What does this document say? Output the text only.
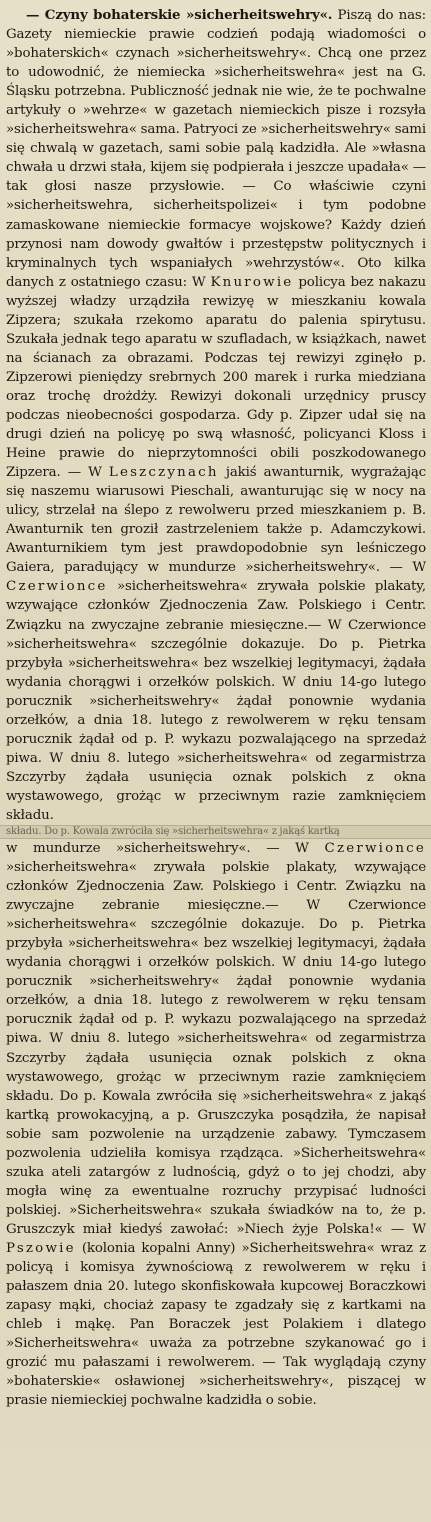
— Czyny bohaterskie »sicherheitswehry«. Piszą do nas: Gazety niemieckie prawie codzień podają wiadomości o »bohaterskich« czynach »sicherheitswehry«. Chcą one przez to udowodnić, że niemiecka »sicherheitswehra« jest na G. Śląsku potrzebna. Publiczność jednak nie wie, że te pochwalne artykuły o »wehrze« w gazetach niemieckich pisze i rozsyła »sicherheitswehra« sama. Patryoci ze »sicherheitswehry« sami się chwalą w gazetach, sami sobie palą kadzidła. Ale »własna chwała u drzwi stała, kijem się podpierała i jeszcze upadała« — tak głosi nasze przysłowie. — Co właściwie czyni »sicherheitswehra, sicherheitspolizei« i tym podobne zamaskowane niemieckie formacye wojskowe? Każdy dzień przynosi nam dowody gwałtów i przestępstw politycznych i kryminalnych tych wspaniałych »wehrzystów«. Oto kilka danych z ostatniego czasu: W Knurowie policya bez nakazu wyższej władzy urządziła rewizyę w mieszkaniu kowala Zipzera; szukała rzekomo aparatu do palenia spirytusu. Szukała jednak tego aparatu w szufladach, w książkach, nawet na ścianach za obrazami. Podczas tej rewizyi zginęło p. Zipzerowi pieniędzy srebrnych 200 marek i rurka miedziana oraz trochę drożdży. Rewizyi dokonali urzędnicy pruscy podczas nieobecności gospodarza. Gdy p. Zipzer udał się na drugi dzień na policyę po swą własność, policyanci Kloss i Heine prawie do nieprzytomności obili poszkodowanego Zipzera. — W Leszczynach jakiś awanturnik, wygrażając się naszemu wiarusowi Pieschali, awanturując się w nocy na ulicy, strzelał na ślepo z rewolweru przed mieszkaniem p. B. Awanturnik ten groził zastrzeleniem także p. Adamczykowi. Awanturnikiem tym jest prawdopodobnie syn leśniczego Gaiera, paradujący w mundurze »sicherheitswehry«. — W Czerwionce »sicherheitswehra« zrywała polskie plakaty, wzywające członków Zjednoczenia Zaw. Polskiego i Centr. Związku na zwyczajne zebranie miesięczne.— W Czerwionce »sicherheitswehra« szczególnie dokazuje. Do p. Pietrka przybyła »sicherheitswehra« bez wszelkiej legitymacyi, żądała wydania chorągwi i orzełków polskich. W dniu 14-go lutego porucznik »sicherheitswehry« żądał ponownie wydania orzełków, a dnia 18. lutego z rewolwerem w ręku tensam porucznik żądał od p. P. wykazu pozwalającego na sprzedaż piwa. W dniu 8. lutego »sicherheitswehra« od zegarmistrza Szczyrby żądała usunięcia oznak polskich z okna wystawowego, grożąc w przeciwnym razie zamknięciem składu.

składu. Do p. Kowala zwróciła się »sicherheitswehra« z jakąś kartką

w mundurze »sicherheitswehry«. — W Czerwionce »sicherheitswehra« zrywała polskie plakaty, wzywające członków Zjednoczenia Zaw. Polskiego i Centr. Związku na zwyczajne zebranie miesięczne.— W Czerwionce »sicherheitswehra« szczególnie dokazuje. Do p. Pietrka przybyła »sicherheitswehra« bez wszelkiej legitymacyi, żądała wydania chorągwi i orzełków polskich. W dniu 14-go lutego porucznik »sicherheitswehry« żądał ponownie wydania orzełków, a dnia 18. lutego z rewolwerem w ręku tensam porucznik żądał od p. P. wykazu pozwalającego na sprzedaż piwa. W dniu 8. lutego »sicherheitswehra« od zegarmistrza Szczyrby żądała usunięcia oznak polskich z okna wystawowego, grożąc w przeciwnym razie zamknięciem składu. Do p. Kowala zwróciła się »sicherheitswehra« z jakąś kartką prowokacyjną, a p. Gruszczyka posądziła, że napisał sobie sam pozwolenie na urządzenie zabawy. Tymczasem pozwolenia udzieliła komisya rządząca. »Sicherheitswehra« szuka ateli zatargów z ludnością, gdyż o to jej chodzi, aby mogła winę za ewentualne rozruchy przypisać ludności polskiej. »Sicherheitswehra« szukała świadków na to, że p. Gruszczyk miał kiedyś zawołać: »Niech żyje Polska!« — W Pszowie (kolonia kopalni Anny) »Sicherheitswehra« wraz z policyą i komisya żywnościową z rewolwerem w ręku i pałaszem dnia 20. lutego skonfiskowała kupcowej Boraczkowi zapasy mąki, chociaż zapasy te zgadzały się z kartkami na chleb i mąkę. Pan Boraczek jest Polakiem i dlatego »Sicherheitswehra« uważa za potrzebne szykanować go i grozić mu pałaszami i rewolwerem. — Tak wyglądają czyny »bohaterskie« osławionej »sicherheitswehry«, piszącej w prasie niemieckiej pochwalne kadzidła o sobie.
